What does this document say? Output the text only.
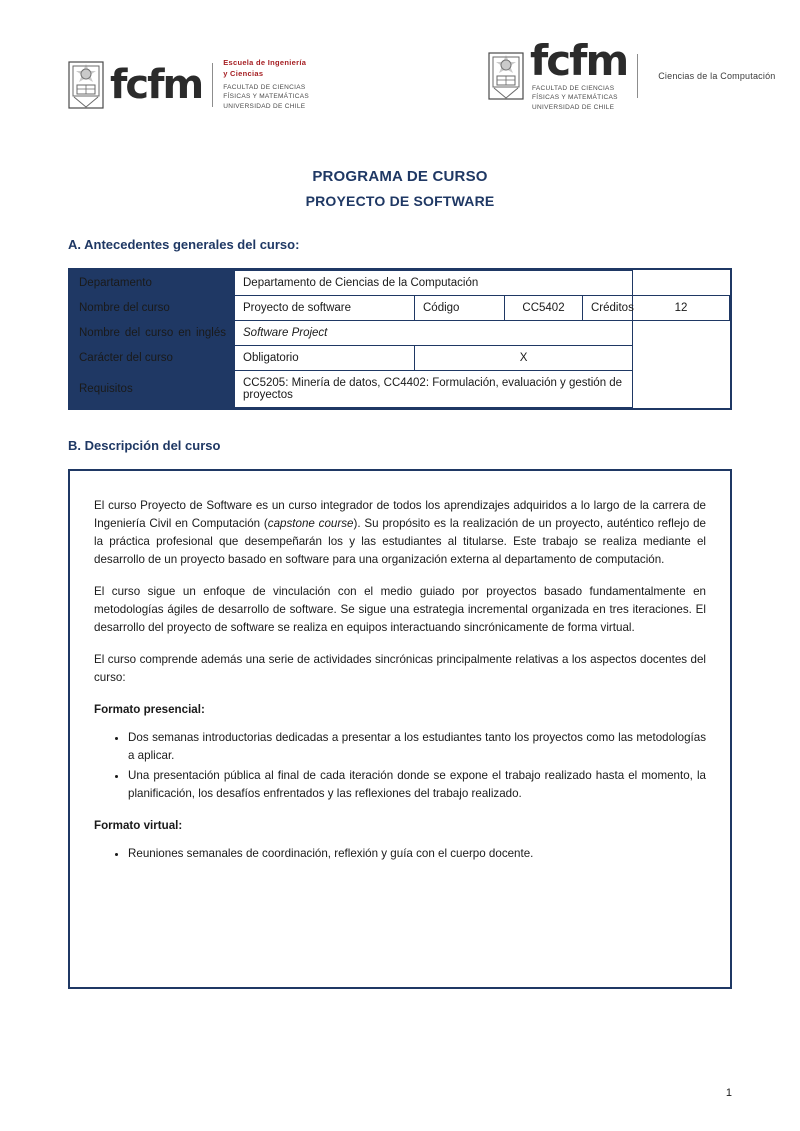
fcfm	Escuela de Ingeniería
y Ciencias
FACULTAD DE CIENCIAS
FÍSICAS Y MATEMÁTICAS
UNIVERSIDAD DE CHILE
fcfm
FACULTAD DE CIENCIAS
FÍSICAS Y MATEMÁTICAS
UNIVERSIDAD DE CHILE
Ciencias de la Computación
PROGRAMA DE CURSO
PROYECTO DE SOFTWARE
A. Antecedentes generales del curso:
Departamento	Departamento de Ciencias de la Computación				
Nombre del curso	Proyecto de software	Código	CC5402	Créditos	12
Nombre del curso en inglés	Software Project				
Carácter del curso	Obligatorio	X			
Requisitos	CC5205: Minería de datos, CC4402: Formulación, evaluación y gestión de proyectos				
B. Descripción del curso

El curso Proyecto de Software es un curso integrador de todos los aprendizajes adquiridos a lo largo de la carrera de Ingeniería Civil en Computación (capstone course). Su propósito es la realización de un proyecto, auténtico reflejo de la práctica profesional que desempeñarán los y las estudiantes al titularse. Este trabajo se realiza mediante el desarrollo de un proyecto basado en software para una organización externa al departamento de computación.

El curso sigue un enfoque de vinculación con el medio guiado por proyectos basado fundamentalmente en metodologías ágiles de desarrollo de software. Se sigue una estrategia incremental organizada en tres iteraciones. El desarrollo del proyecto de software se realiza en equipos interactuando sincrónicamente de forma virtual.

El curso comprende además una serie de actividades sincrónicas principalmente relativas a los aspectos docentes del curso:

Formato presencial:

• Dos semanas introductorias dedicadas a presentar a los estudiantes tanto los proyectos como las metodologías a aplicar.
• Una presentación pública al final de cada iteración donde se expone el trabajo realizado hasta el momento, la planificación, los desafíos enfrentados y las reflexiones del trabajo realizado.

Formato virtual:

• Reuniones semanales de coordinación, reflexión y guía con el cuerpo docente.
1
